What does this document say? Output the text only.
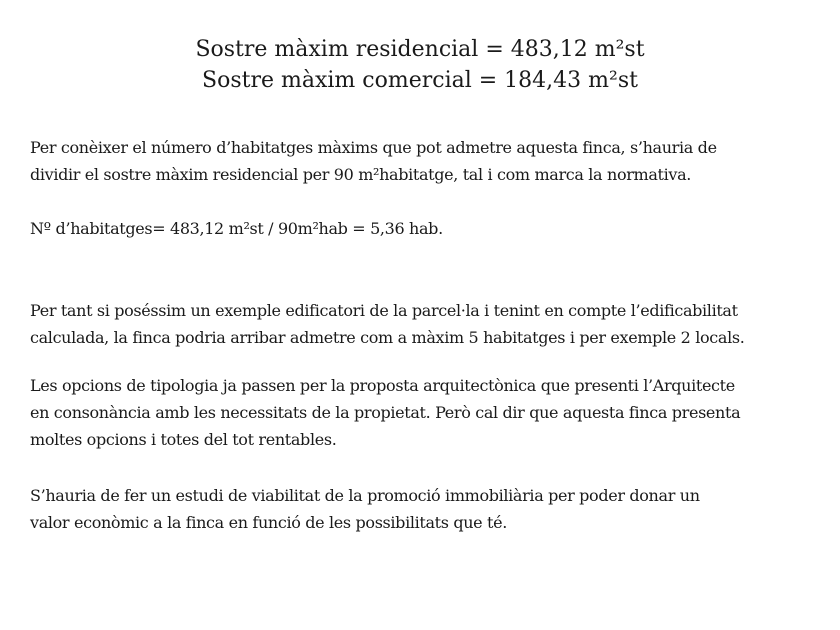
Sostre màxim residencial = 483,12 m²st
Sostre màxim comercial = 184,43 m²st
Per conèixer el número d’habitatges màxims que pot admetre aquesta finca, s’hauria de
dividir el sostre màxim residencial per 90 m²habitatge, tal i com marca la normativa.
Nº d’habitatges= 483,12 m²st / 90m²hab = 5,36 hab.
Per tant si poséssim un exemple edificatori de la parcel·la i tenint en compte l’edificabilitat
calculada, la finca podria arribar admetre com a màxim 5 habitatges i per exemple 2 locals.
Les opcions de tipologia ja passen per la proposta arquitectònica que presenti l’Arquitecte
en consonància amb les necessitats de la propietat. Però cal dir que aquesta finca presenta
moltes opcions i totes del tot rentables.
S’hauria de fer un estudi de viabilitat de la promoció immobiliària per poder donar un
valor econòmic a la finca en funció de les possibilitats que té.
